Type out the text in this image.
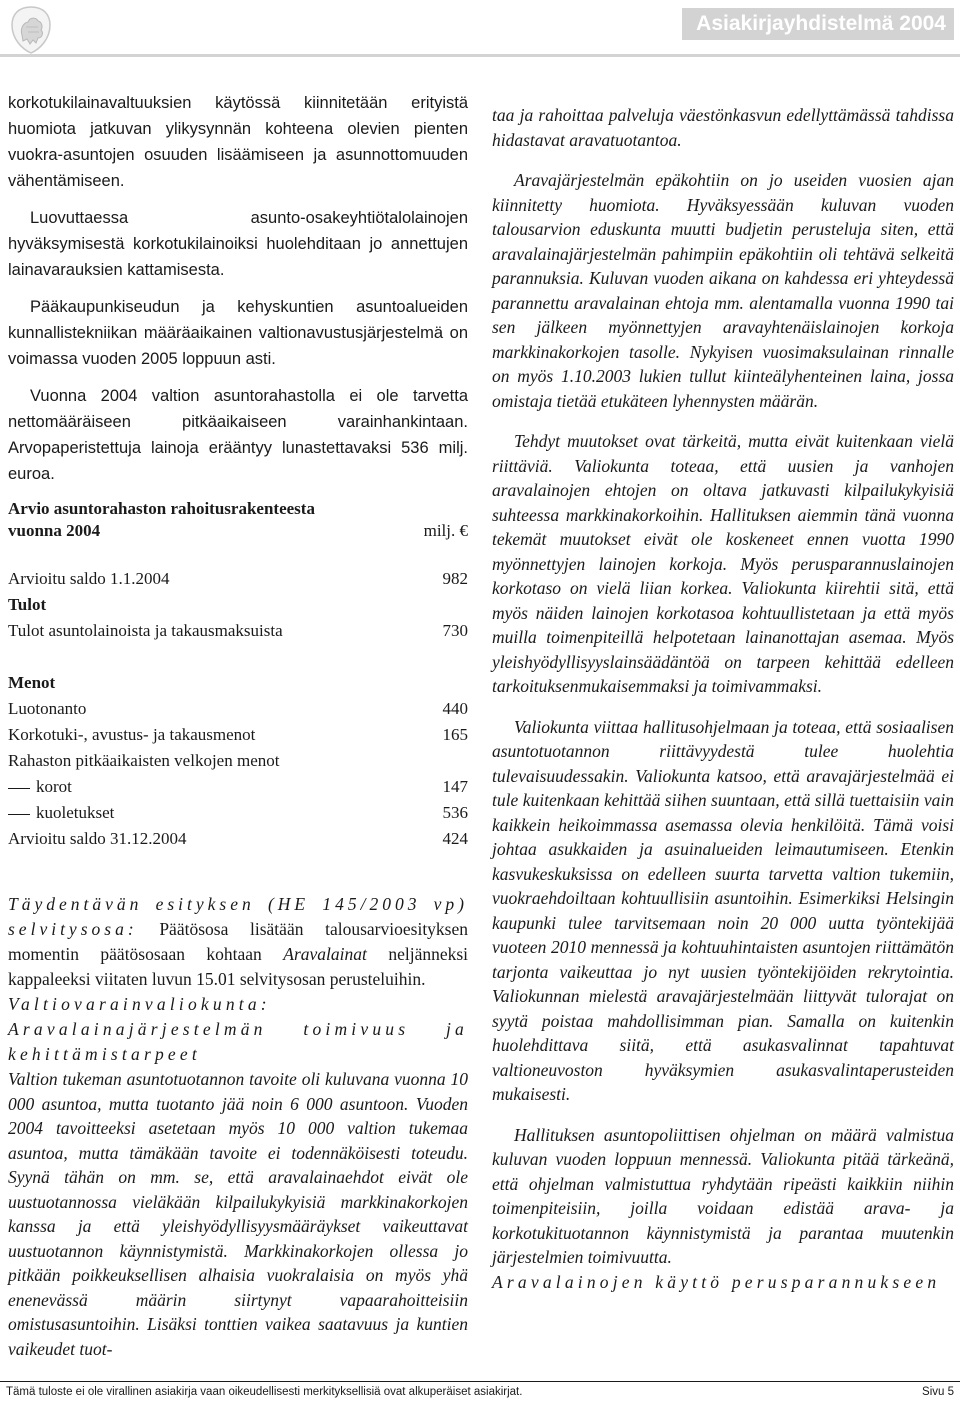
Asiakirjayhdistelmä 2004

korkotukilainavaltuuksien käytössä kiinnitetään erityistä huomiota jatkuvan ylikysynnän kohteena olevien pienten vuokra-asuntojen osuuden lisäämiseen ja asunnottomuuden vähentämiseen.

Luovuttaessa asunto-osakeyhtiötalolainojen hyväksymisestä korkotukilainoiksi huolehditaan jo annettujen lainavarauksien kattamisesta.

Pääkaupunkiseudun ja kehyskuntien asuntoalueiden kunnallistekniikan määräaikainen valtionavustusjärjestelmä on voimassa vuoden 2005 loppuun asti.

Vuonna 2004 valtion asuntorahastolla ei ole tarvetta nettomääräiseen pitkäaikaiseen varainhankintaan. Arvopaperistettuja lainoja erääntyy lunastettavaksi 536 milj. euroa.

Arvio asuntorahaston rahoitusrakenteesta
vuonna 2004	milj. €
Arvioitu saldo 1.1.2004	982
Tulot
Tulot asuntolainoista ja takausmaksuista	730
Menot
Luotonanto	440
Korkotuki-, avustus- ja takausmenot	165
Rahaston pitkäaikaisten velkojen menot
korot	147
kuoletukset	536
Arvioitu saldo 31.12.2004	424

Täydentävän esityksen (HE 145/2003 vp) selvitysosa: Päätösosa lisätään talousarvioesityksen momentin päätösosaan kohtaan Aravalainat neljänneksi kappaleeksi viitaten luvun 15.01 selvitysosan perusteluihin.

Valtiovarainvaliokunta:

Aravalainajärjestelmän toimivuus ja kehittämistarpeet

Valtion tukeman asuntotuotannon tavoite oli kuluvana vuonna 10 000 asuntoa, mutta tuotanto jää noin 6 000 asuntoon. Vuoden 2004 tavoitteeksi asetetaan myös 10 000 valtion tukemaa asuntoa, mutta tämäkään tavoite ei todennäköisesti toteudu. Syynä tähän on mm. se, että aravalainaehdot eivät ole uustuotannossa vieläkään kilpailukykyisiä markkinakorkojen kanssa ja että yleishyödyllisyysmääräykset vaikeuttavat uustuotannon käynnistymistä. Markkinakorkojen ollessa jo pitkään poikkeuksellisen alhaisia vuokralaisia on myös yhä enenevässä määrin siirtynyt vapaarahoitteisiin omistusasuntoihin. Lisäksi tonttien vaikea saatavuus ja kuntien vaikeudet tuot-

taa ja rahoittaa palveluja väestönkasvun edellyttämässä tahdissa hidastavat aravatuotantoa.

Aravajärjestelmän epäkohtiin on jo useiden vuosien ajan kiinnitetty huomiota. Hyväksyessään kuluvan vuoden talousarvion eduskunta muutti budjetin perusteluja siten, että aravalainajärjestelmän pahimpiin epäkohtiin oli tehtävä selkeitä parannuksia. Kuluvan vuoden aikana on kahdessa eri yhteydessä parannettu aravalainan ehtoja mm. alentamalla vuonna 1990 tai sen jälkeen myönnettyjen aravayhtenäislainojen korkoja markkinakorkojen tasolle. Nykyisen vuosimaksulainan rinnalle on myös 1.10.2003 lukien tullut kiinteälyhenteinen laina, jossa omistaja tietää etukäteen lyhennysten määrän.

Tehdyt muutokset ovat tärkeitä, mutta eivät kuitenkaan vielä riittäviä. Valiokunta toteaa, että uusien ja vanhojen aravalainojen ehtojen on oltava jatkuvasti kilpailukykyisiä suhteessa markkinakorkoihin. Hallituksen aiemmin tänä vuonna tekemät muutokset eivät ole koskeneet ennen vuotta 1990 myönnettyjen lainojen korkoja. Myös perusparannuslainojen korkotaso on vielä liian korkea. Valiokunta kiirehtii sitä, että myös näiden lainojen korkotasoa kohtuullistetaan ja että myös muilla toimenpiteillä helpotetaan lainanottajan asemaa. Myös yleishyödyllisyyslainsäädäntöä on tarpeen kehittää edelleen tarkoituksenmukaisemmaksi ja toimivammaksi.

Valiokunta viittaa hallitusohjelmaan ja toteaa, että sosiaalisen asuntotuotannon riittävyydestä tulee huolehtia tulevaisuudessakin. Valiokunta katsoo, että aravajärjestelmää ei tule kuitenkaan kehittää siihen suuntaan, että sillä tuettaisiin vain kaikkein heikoimmassa asemassa olevia henkilöitä. Tämä voisi johtaa asukkaiden ja asuinalueiden leimautumiseen. Etenkin kasvukeskuksissa on edelleen suurta tarvetta valtion tukemiin, vuokraehdoiltaan kohtuullisiin asuntoihin. Esimerkiksi Helsingin kaupunki tulee tarvitsemaan noin 20 000 uutta työntekijää vuoteen 2010 mennessä ja kohtuuhintaisten asuntojen riittämätön tarjonta vaikeuttaa jo nyt uusien työntekijöiden rekrytointia. Valiokunnan mielestä aravajärjestelmään liittyvät tulorajat on syytä poistaa mahdollisimman pian. Samalla on kuitenkin huolehdittava siitä, että asukasvalinnat tapahtuvat valtioneuvoston hyväksymien asukasvalintaperusteiden mukaisesti.

Hallituksen asuntopoliittisen ohjelman on määrä valmistua kuluvan vuoden loppuun mennessä. Valiokunta pitää tärkeänä, että ohjelman valmistuttua ryhdytään ripeästi kaikkiin niihin toimenpiteisiin, joilla voidaan edistää arava- ja korkotukituotannon käynnistymistä ja parantaa muutenkin järjestelmien toimivuutta.

Aravalainojen käyttö perusparannukseen

Tämä tuloste ei ole virallinen asiakirja vaan oikeudellisesti merkityksellisiä ovat alkuperäiset asiakirjat.	Sivu 5
